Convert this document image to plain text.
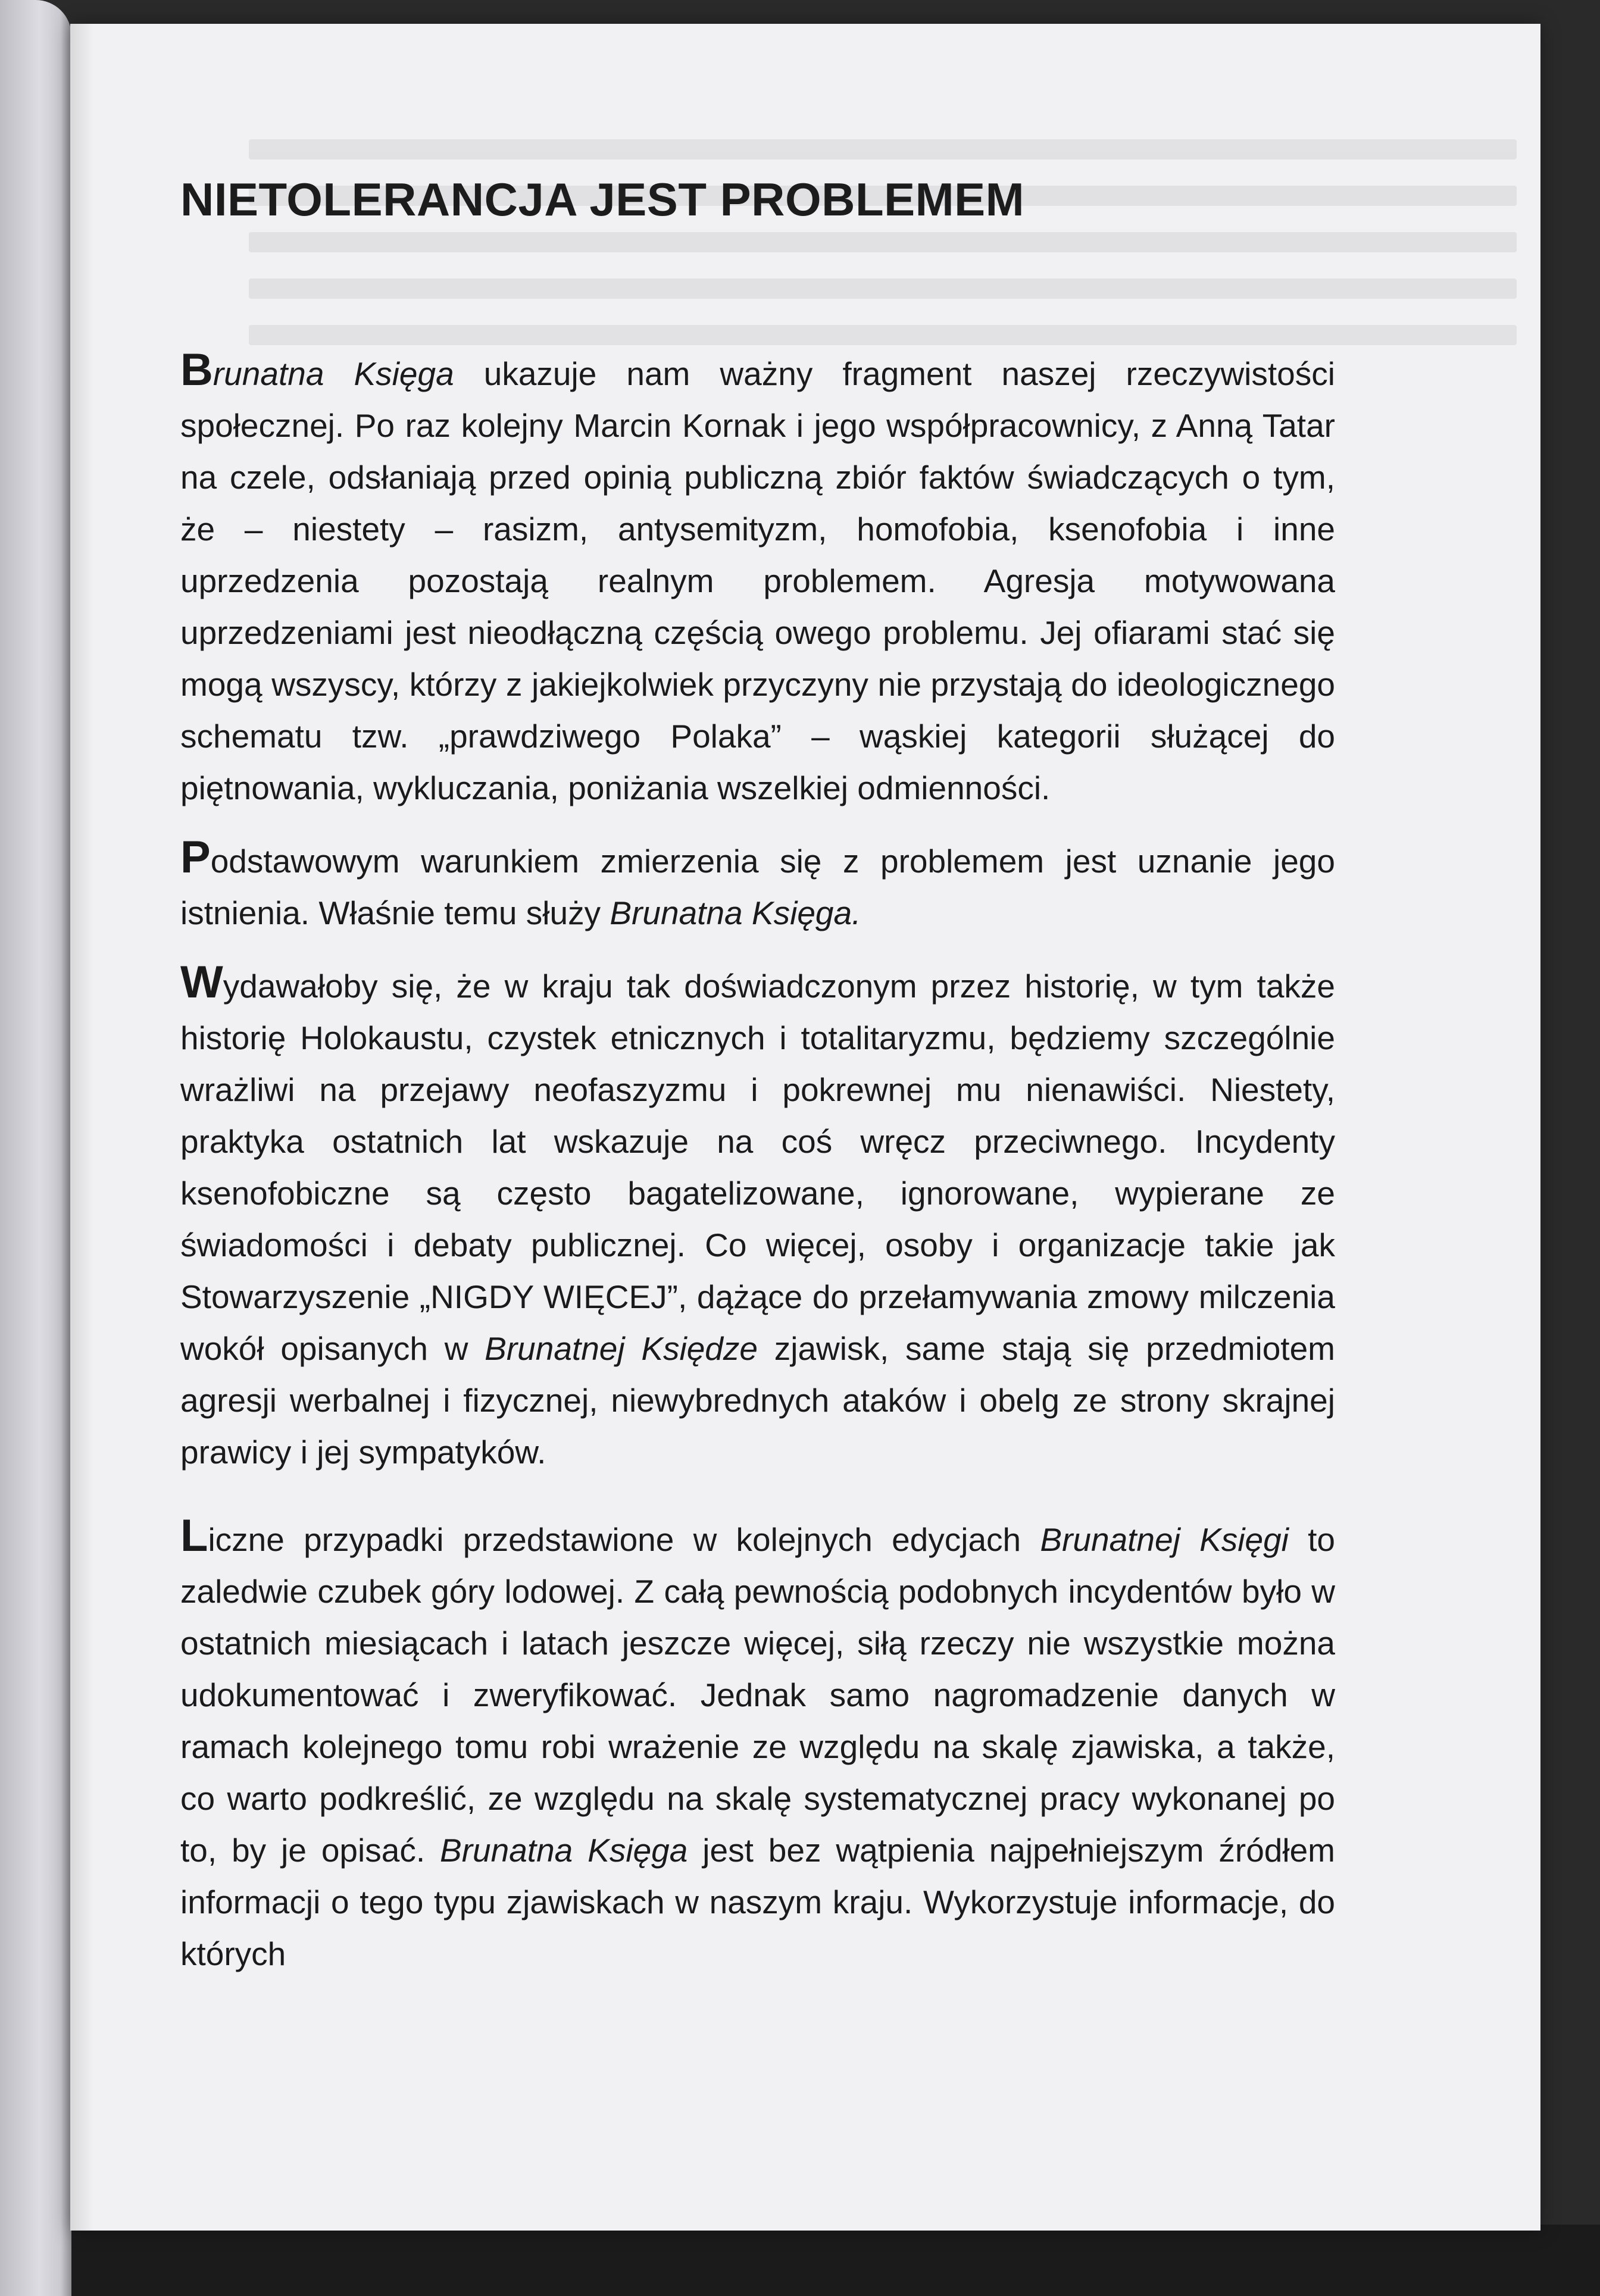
NIETOLERANCJA JEST PROBLEMEM

Brunatna Księga ukazuje nam ważny fragment naszej rzeczywistości społecznej. Po raz kolejny Marcin Kornak i jego współpracownicy, z Anną Tatar na czele, odsłaniają przed opinią publiczną zbiór faktów świadczących o tym, że – niestety – rasizm, antysemityzm, homofobia, ksenofobia i inne uprzedzenia pozostają realnym problemem. Agresja motywowana uprzedzeniami jest nieodłączną częścią owego problemu. Jej ofiarami stać się mogą wszyscy, którzy z jakiejkolwiek przyczyny nie przystają do ideologicznego schematu tzw. „prawdziwego Polaka” – wąskiej kategorii służącej do piętnowania, wykluczania, poniżania wszelkiej odmienności.

Podstawowym warunkiem zmierzenia się z problemem jest uznanie jego istnienia. Właśnie temu służy Brunatna Księga.

Wydawałoby się, że w kraju tak doświadczonym przez historię, w tym także historię Holokaustu, czystek etnicznych i totalitaryzmu, będziemy szczególnie wrażliwi na przejawy neofaszyzmu i pokrewnej mu nienawiści. Niestety, praktyka ostatnich lat wskazuje na coś wręcz przeciwnego. Incydenty ksenofobiczne są często bagatelizowane, ignorowane, wypierane ze świadomości i debaty publicznej. Co więcej, osoby i organizacje takie jak Stowarzyszenie „NIGDY WIĘCEJ”, dążące do przełamywania zmowy milczenia wokół opisanych w Brunatnej Księdze zjawisk, same stają się przedmiotem agresji werbalnej i fizycznej, niewybrednych ataków i obelg ze strony skrajnej prawicy i jej sympatyków.

Liczne przypadki przedstawione w kolejnych edycjach Brunatnej Księgi to zaledwie czubek góry lodowej. Z całą pewnością podobnych incydentów było w ostatnich miesiącach i latach jeszcze więcej, siłą rzeczy nie wszystkie można udokumentować i zweryfikować. Jednak samo nagromadzenie danych w ramach kolejnego tomu robi wrażenie ze względu na skalę zjawiska, a także, co warto podkreślić, ze względu na skalę systematycznej pracy wykonanej po to, by je opisać. Brunatna Księga jest bez wątpienia najpełniejszym źródłem informacji o tego typu zjawiskach w naszym kraju. Wykorzystuje informacje, do których
